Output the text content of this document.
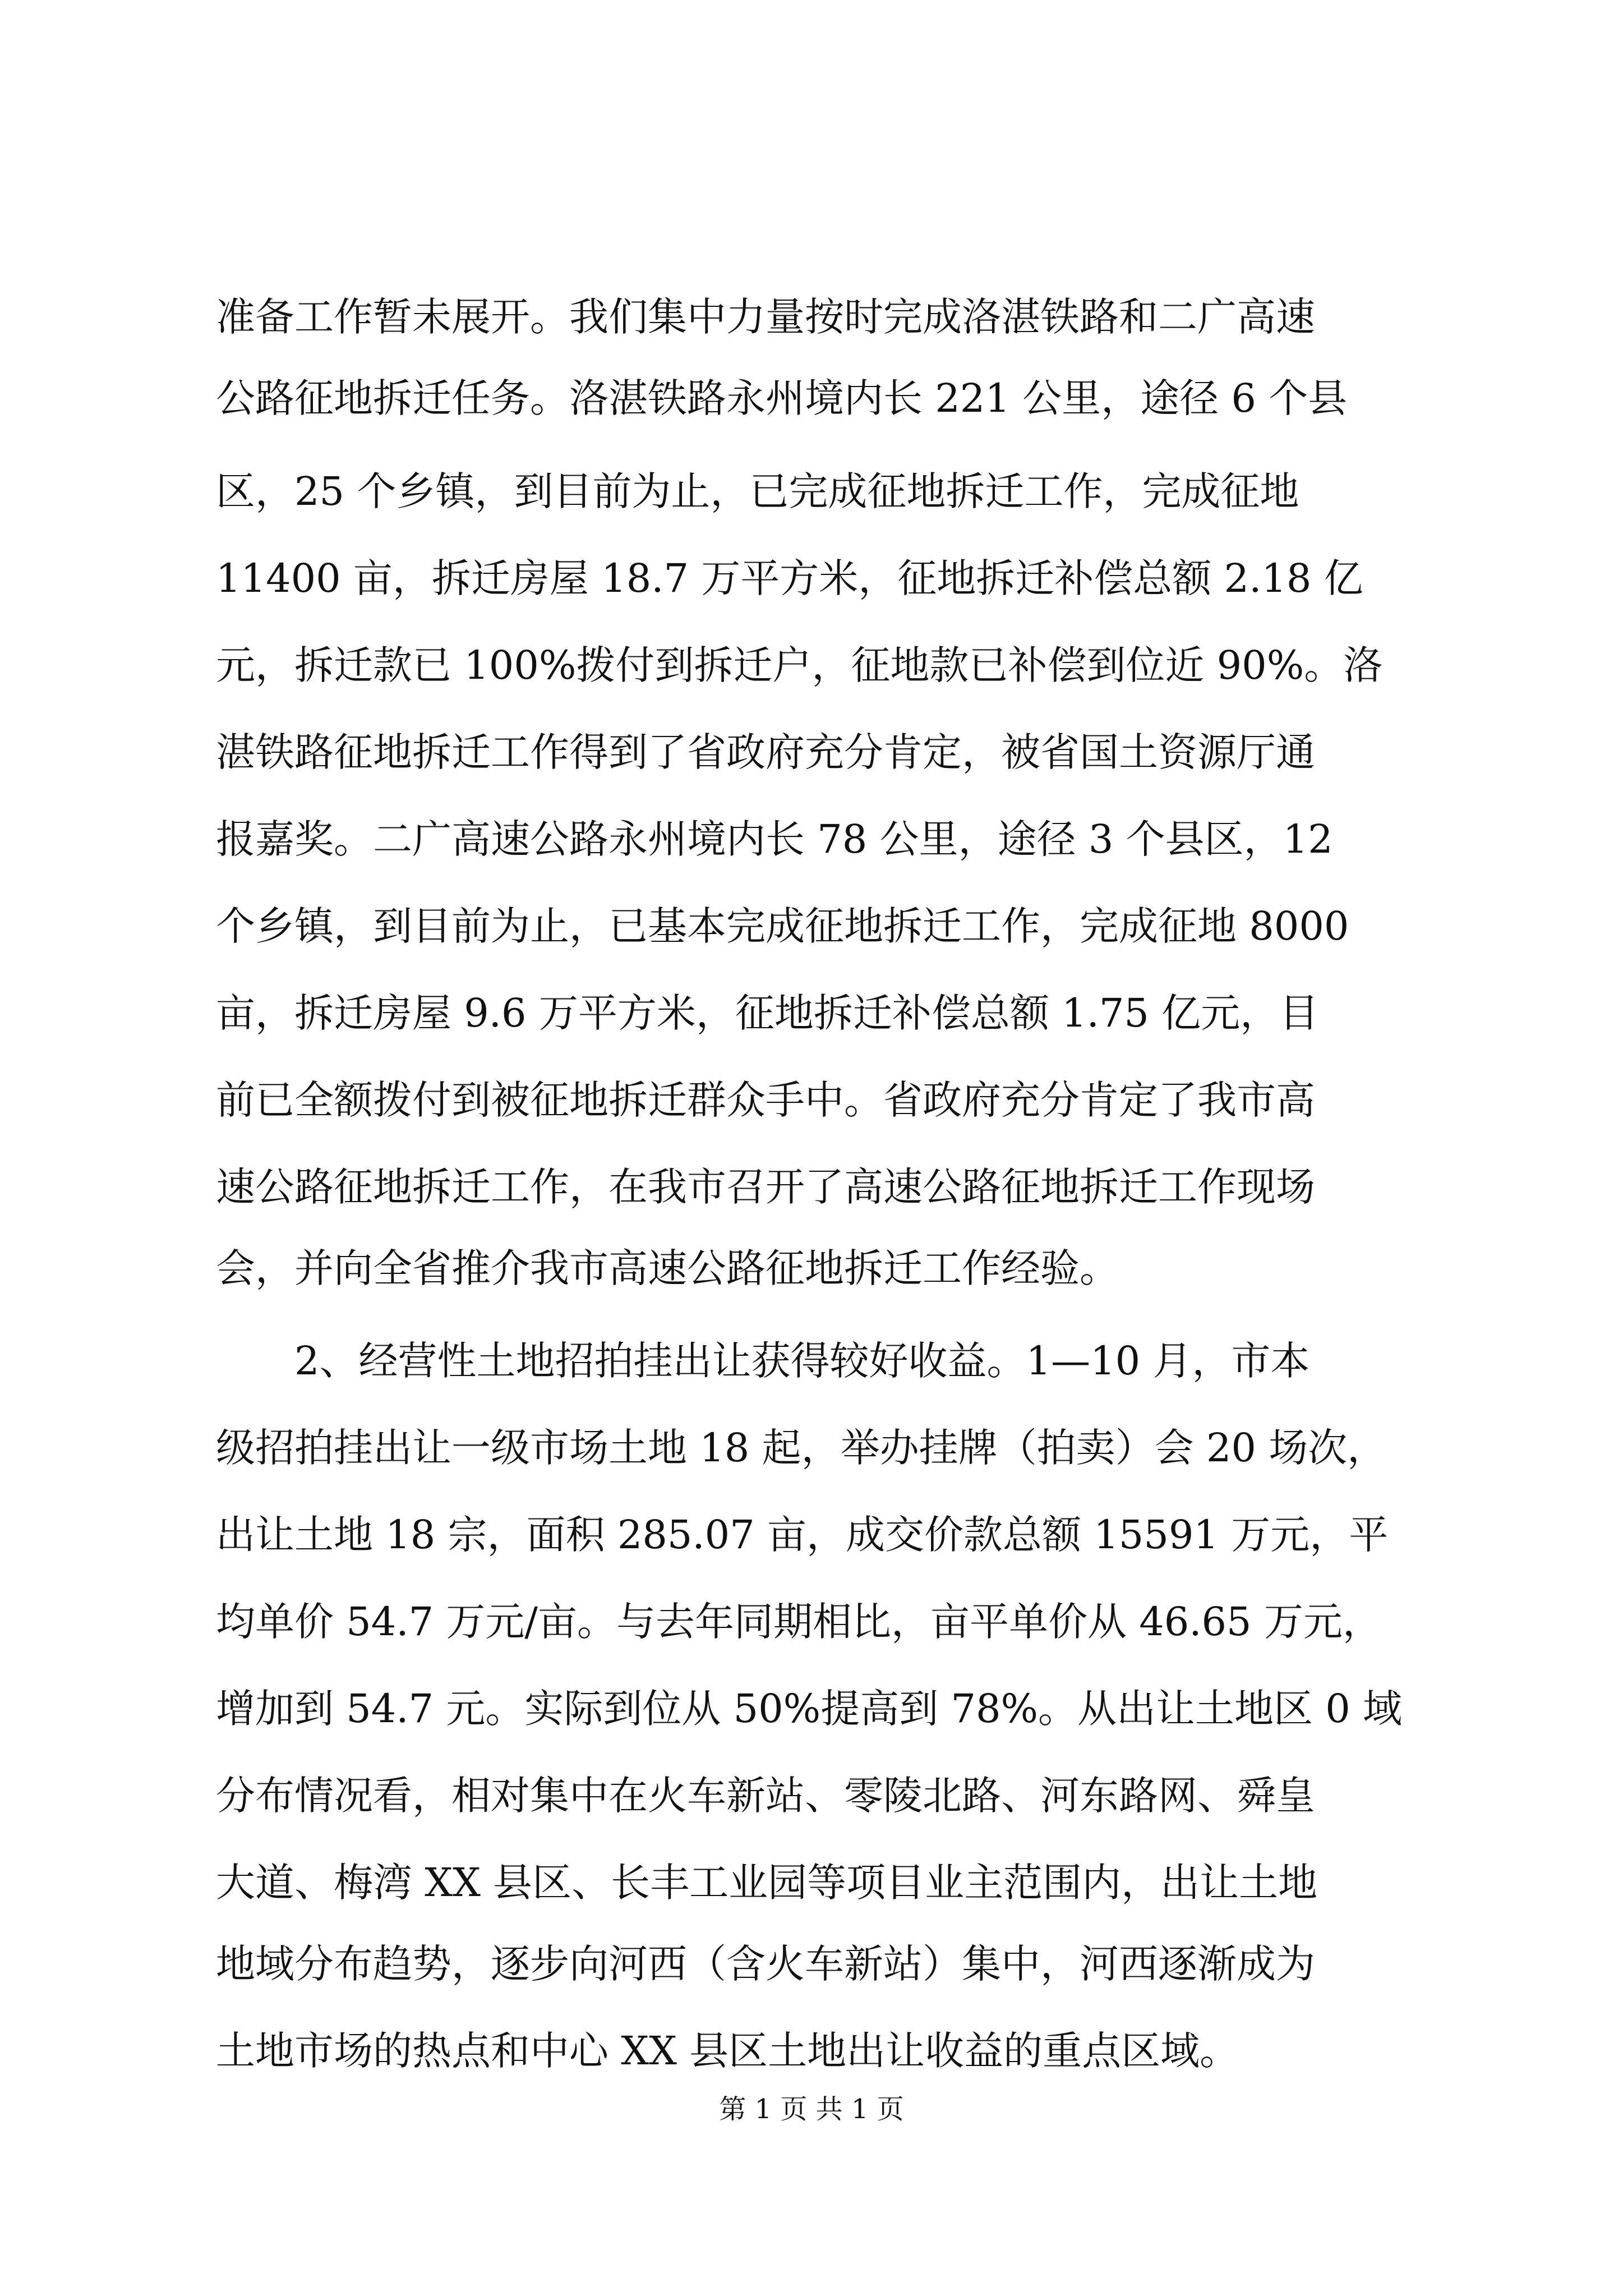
准备工作暂未展开。我们集中力量按时完成洛湛铁路和二广高速
公路征地拆迁任务。洛湛铁路永州境内长 221 公里，途径 6 个县
区，25 个乡镇，到目前为止，已完成征地拆迁工作，完成征地
11400 亩，拆迁房屋 18.7 万平方米，征地拆迁补偿总额 2.18 亿
元，拆迁款已 100%拨付到拆迁户，征地款已补偿到位近 90%。洛
湛铁路征地拆迁工作得到了省政府充分肯定，被省国土资源厅通
报嘉奖。二广高速公路永州境内长 78 公里，途径 3 个县区，12
个乡镇，到目前为止，已基本完成征地拆迁工作，完成征地 8000
亩，拆迁房屋 9.6 万平方米，征地拆迁补偿总额 1.75 亿元，目
前已全额拨付到被征地拆迁群众手中。省政府充分肯定了我市高
速公路征地拆迁工作，在我市召开了高速公路征地拆迁工作现场
会，并向全省推介我市高速公路征地拆迁工作经验。
　　2、经营性土地招拍挂出让获得较好收益。1—10 月，市本
级招拍挂出让一级市场土地 18 起，举办挂牌（拍卖）会 20 场次，
出让土地 18 宗，面积 285.07 亩，成交价款总额 15591 万元，平
均单价 54.7 万元/亩。与去年同期相比，亩平单价从 46.65 万元，
增加到 54.7 元。实际到位从 50%提高到 78%。从出让土地区 0 域
分布情况看，相对集中在火车新站、零陵北路、河东路网、舜皇
大道、梅湾 XX 县区、长丰工业园等项目业主范围内，出让土地
地域分布趋势，逐步向河西（含火车新站）集中，河西逐渐成为
土地市场的热点和中心 XX 县区土地出让收益的重点区域。
第 1 页 共 1 页
